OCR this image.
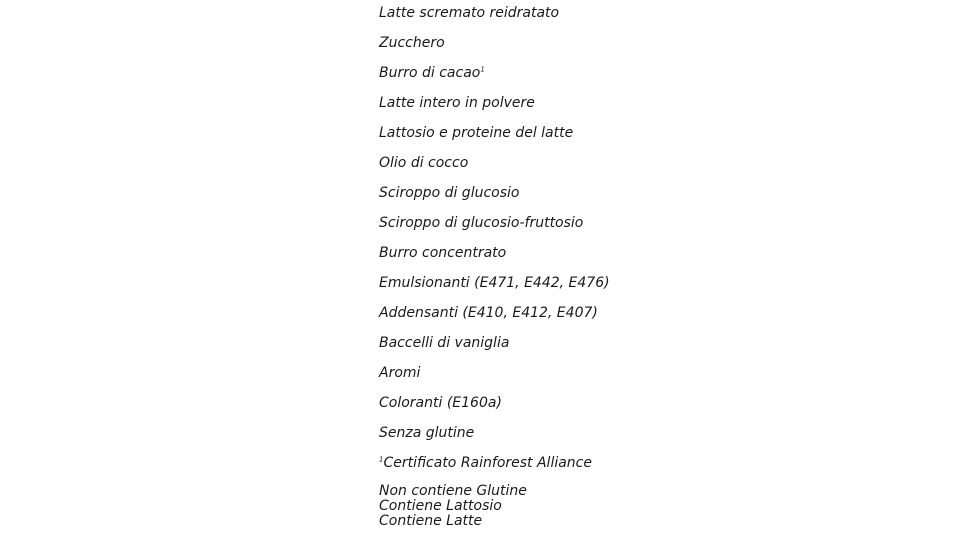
Latte scremato reidratato
Zucchero
Burro di cacao$^1$
Latte intero in polvere
Lattosio e proteine del latte
Olio di cocco
Sciroppo di glucosio
Sciroppo di glucosio-fruttosio
Burro concentrato
Emulsionanti (E471, E442, E476)
Addensanti (E410, E412, E407)
Baccelli di vaniglia
Aromi
Coloranti (E160a)
Senza glutine
$^1$Certificato Rainforest Alliance
Non contiene Glutine
Contiene Lattosio
Contiene Latte
